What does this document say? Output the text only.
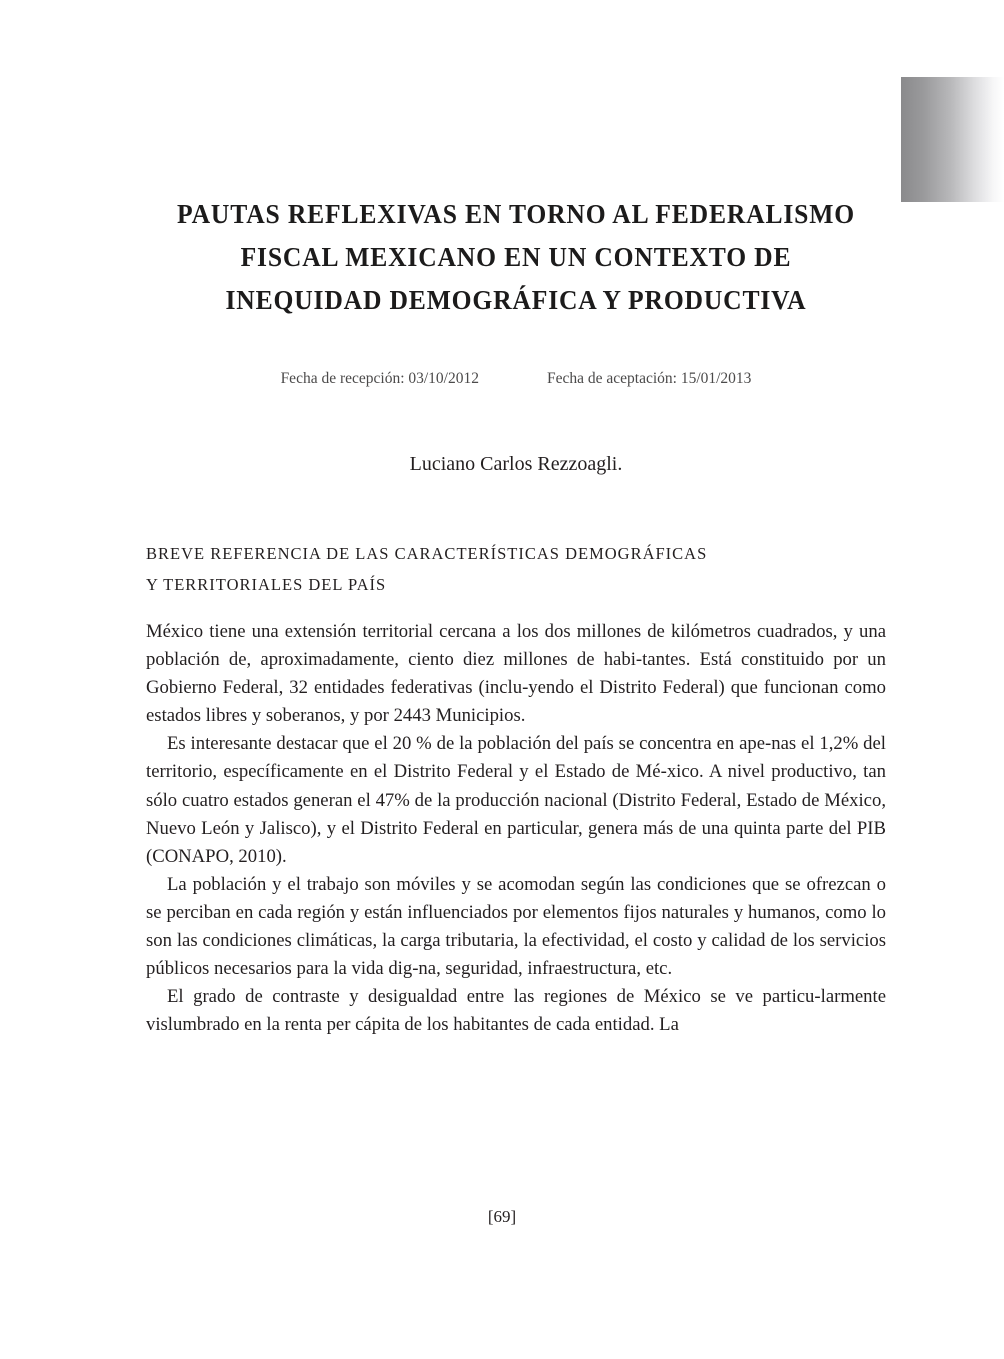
PAUTAS REFLEXIVAS EN TORNO AL FEDERALISMO
FISCAL MEXICANO EN UN CONTEXTO DE
INEQUIDAD DEMOGRÁFICA Y PRODUCTIVA
Fecha de recepción: 03/10/2012	Fecha de aceptación: 15/01/2013
Luciano Carlos Rezzoagli.
BREVE REFERENCIA DE LAS CARACTERÍSTICAS DEMOGRÁFICAS
Y TERRITORIALES DEL PAÍS

México tiene una extensión territorial cercana a los dos millones de kilómetros cuadrados, y una población de, aproximadamente, ciento diez millones de habi-tantes. Está constituido por un Gobierno Federal, 32 entidades federativas (inclu-yendo el Distrito Federal) que funcionan como estados libres y soberanos, y por 2443 Municipios.

Es interesante destacar que el 20 % de la población del país se concentra en ape-nas el 1,2% del territorio, específicamente en el Distrito Federal y el Estado de Mé-xico. A nivel productivo, tan sólo cuatro estados generan el 47% de la producción nacional (Distrito Federal, Estado de México, Nuevo León y Jalisco), y el Distrito Federal en particular, genera más de una quinta parte del PIB (CONAPO, 2010).

La población y el trabajo son móviles y se acomodan según las condiciones que se ofrezcan o se perciban en cada región y están influenciados por elementos fijos naturales y humanos, como lo son las condiciones climáticas, la carga tributaria, la efectividad, el costo y calidad de los servicios públicos necesarios para la vida dig-na, seguridad, infraestructura, etc.

El grado de contraste y desigualdad entre las regiones de México se ve particu-larmente vislumbrado en la renta per cápita de los habitantes de cada entidad. La

[69]
